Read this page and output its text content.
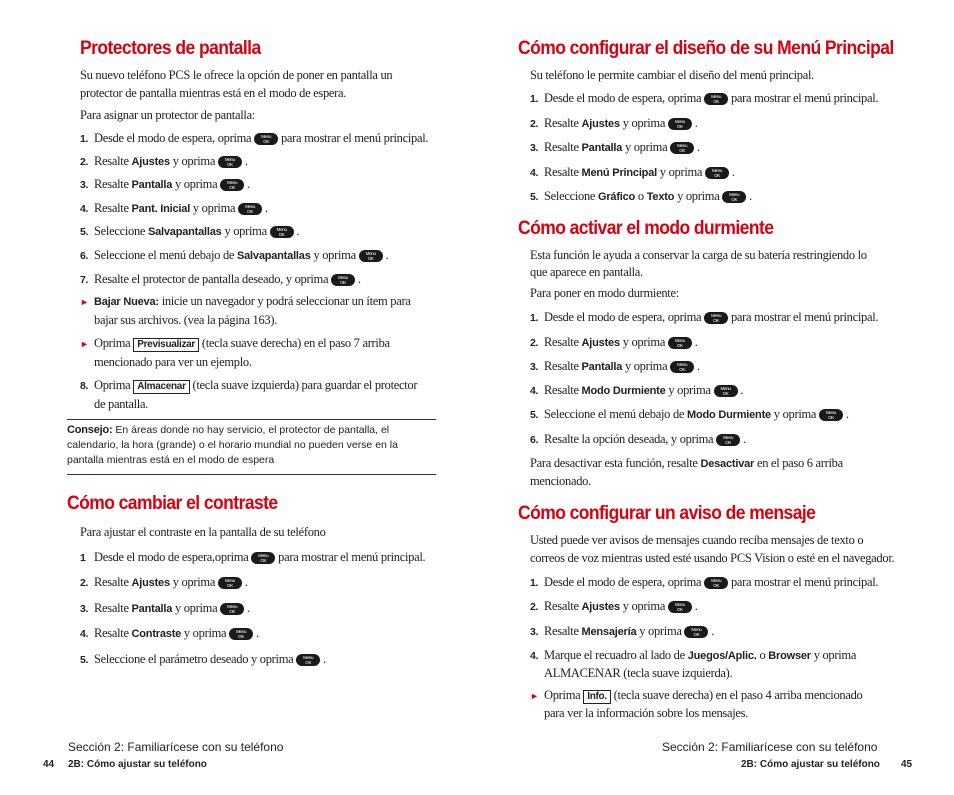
Protectores de pantalla
Su nuevo teléfono PCS le ofrece la opción de poner en pantalla un
protector de pantalla mientras está en el modo de espera.
Para asignar un protector de pantalla:
1. Desde el modo de espera, oprima Menu
OK para mostrar el menú principal.
2. Resalte Ajustes y oprima Menu
OK .
3. Resalte Pantalla y oprima Menu
OK .
4. Resalte Pant. Inicial y oprima Menu
OK .
5. Seleccione Salvapantallas y oprima Menu
OK .
6. Seleccione el menú debajo de Salvapantallas y oprima Menu
OK .
7. Resalte el protector de pantalla deseado, y oprima Menu
OK .
► Bajar Nueva: inicie un navegador y podrá seleccionar un ítem para
bajar sus archivos. (vea la página 163).
► Oprima Previsualizar (tecla suave derecha) en el paso 7 arriba
mencionado para ver un ejemplo.
8. Oprima Almacenar (tecla suave izquierda) para guardar el protector
de pantalla.
Consejo: En áreas donde no hay servicio, el protector de pantalla, el calendario, la hora (grande) o el horario mundial no pueden verse en la pantalla mientras está en el modo de espera
Cómo cambiar el contraste
Para ajustar el contraste en la pantalla de su teléfono
1 Desde el modo de espera,oprima Menu
OK para mostrar el menú principal.
2. Resalte Ajustes y oprima Menu
OK .
3. Resalte Pantalla y oprima Menu
OK .
4. Resalte Contraste y oprima Menu
OK .
5. Seleccione el parámetro deseado y oprima Menu
OK .
Sección 2: Familiarícese con su teléfono
44 2B: Cómo ajustar su teléfono
Cómo configurar el diseño de su Menú Principal
Su teléfono le permite cambiar el diseño del menú principal.
1. Desde el modo de espera, oprima Menu
OK para mostrar el menú principal.
2. Resalte Ajustes y oprima Menu
OK .
3. Resalte Pantalla y oprima Menu
OK .
4. Resalte Menú Principal y oprima Menu
OK .
5. Seleccione Gráfico o Texto y oprima Menu
OK .
Cómo activar el modo durmiente
Esta función le ayuda a conservar la carga de su batería restringiendo lo
que aparece en pantalla.
Para poner en modo durmiente:
1. Desde el modo de espera, oprima Menu
OK para mostrar el menú principal.
2. Resalte Ajustes y oprima Menu
OK .
3. Resalte Pantalla y oprima Menu
OK .
4. Resalte Modo Durmiente y oprima Menu
OK .
5. Seleccione el menú debajo de Modo Durmiente y oprima Menu
OK .
6. Resalte la opción deseada, y oprima Menu
OK .
Para desactivar esta función, resalte Desactivar en el paso 6 arriba
mencionado.
Cómo configurar un aviso de mensaje
Usted puede ver avisos de mensajes cuando reciba mensajes de texto o
correos de voz mientras usted esté usando PCS Vision o esté en el navegador.
1. Desde el modo de espera, oprima Menu
OK para mostrar el menú principal.
2. Resalte Ajustes y oprima Menu
OK .
3. Resalte Mensajería y oprima Menu
OK .
4. Marque el recuadro al lado de Juegos/Aplic. o Browser y oprima
ALMACENAR (tecla suave izquierda).
► Oprima Info. (tecla suave derecha) en el paso 4 arriba mencionado
para ver la información sobre los mensajes.
Sección 2: Familiarícese con su teléfono
2B: Cómo ajustar su teléfono 45
